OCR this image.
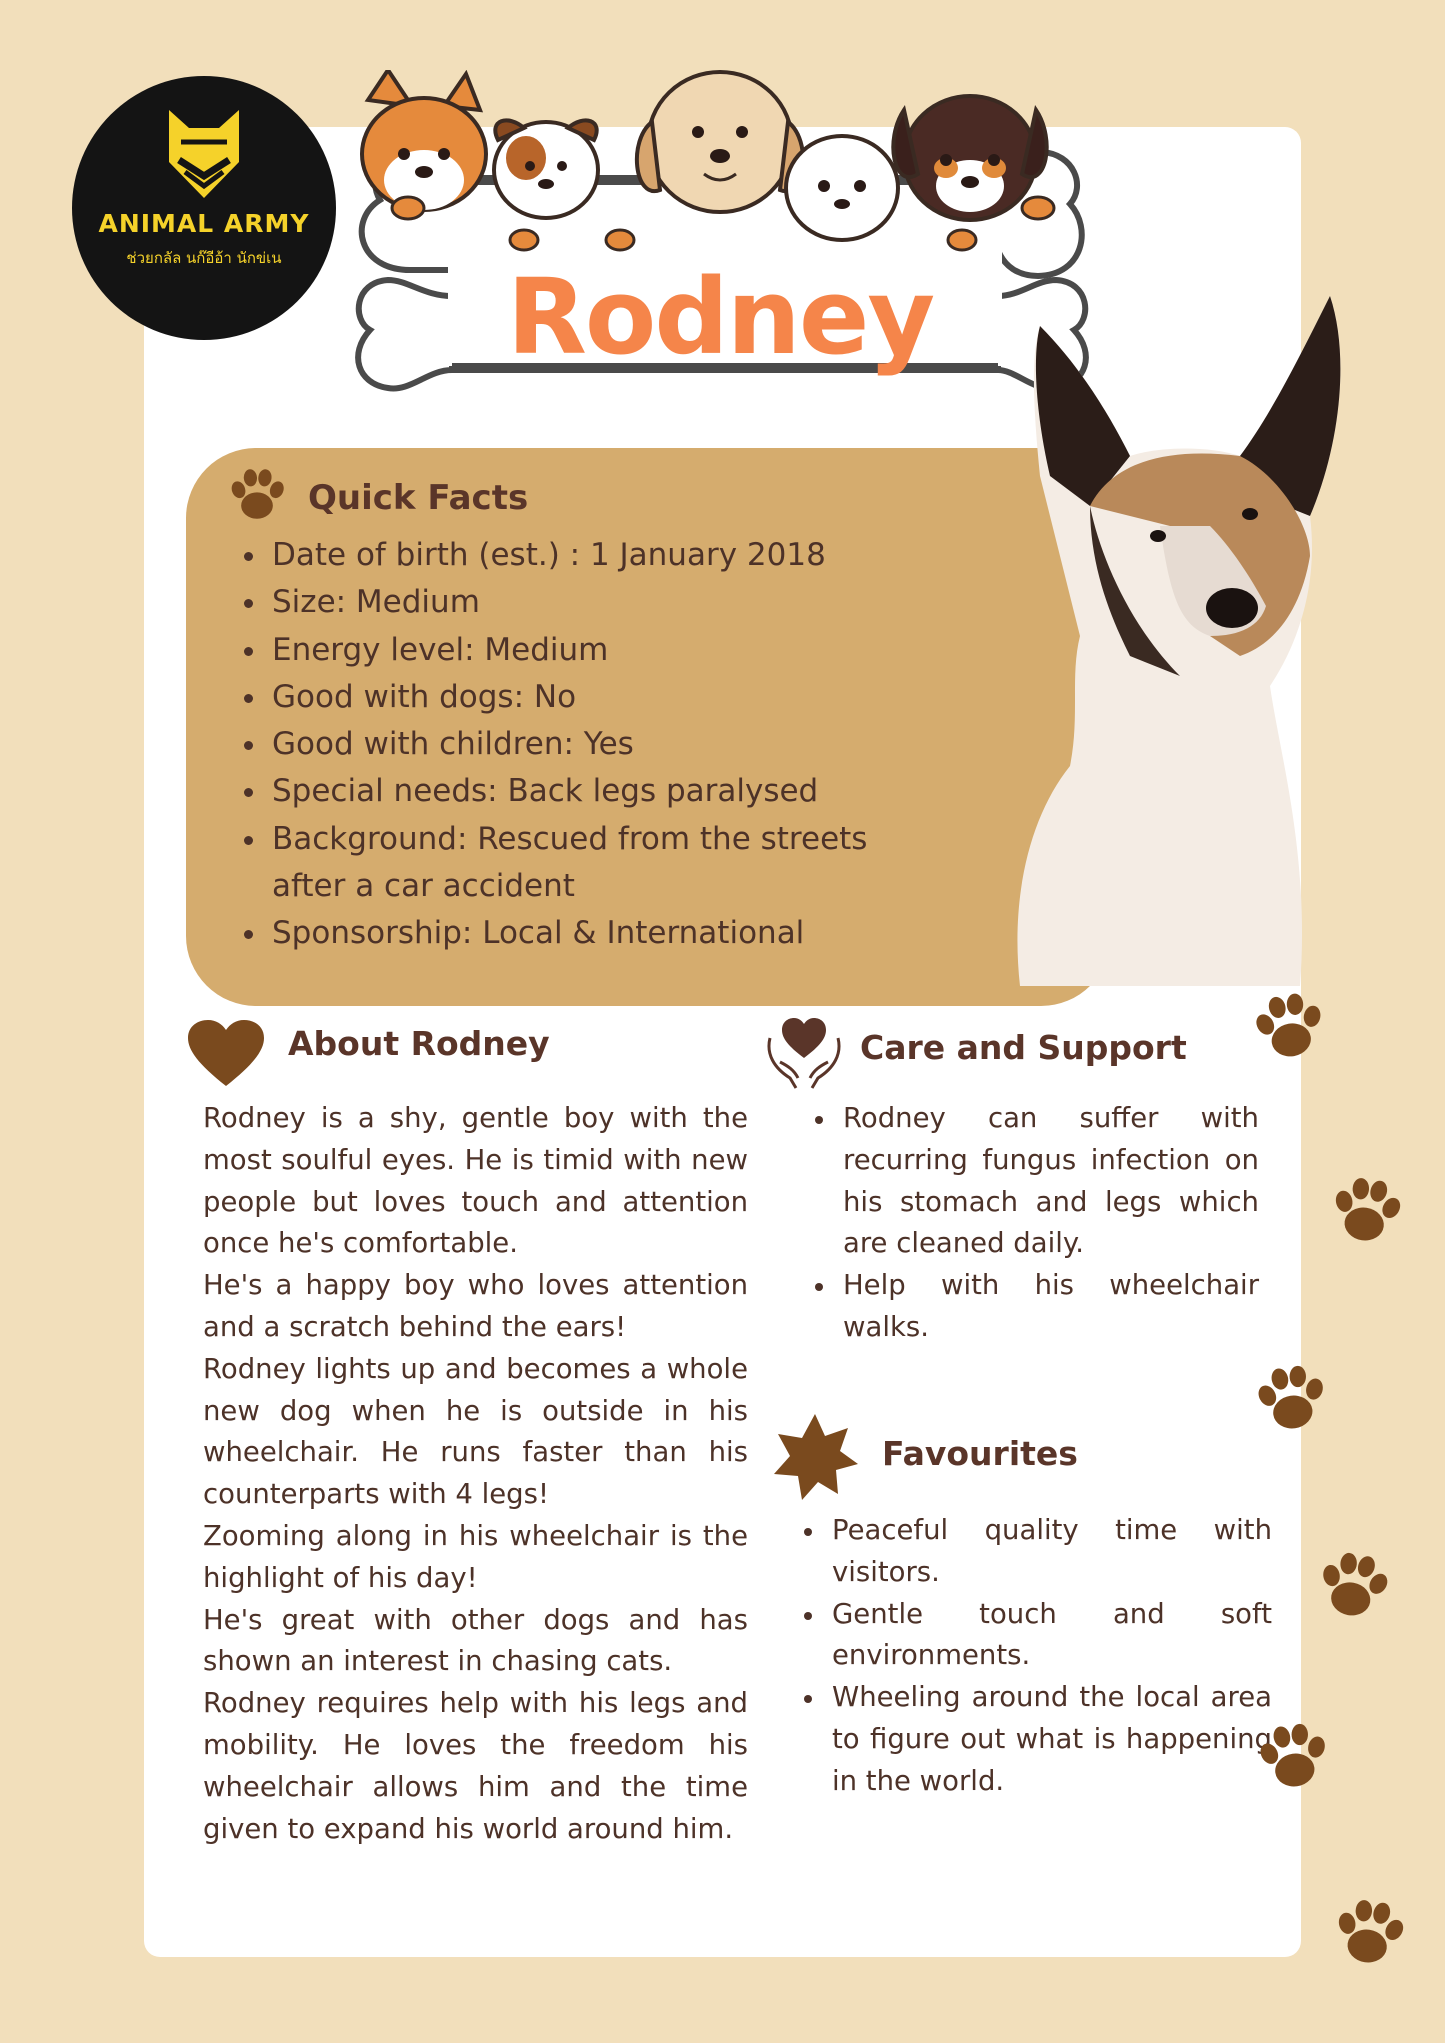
ANIMAL ARMY
ช่วยกลัล นก๊อีอ้า นักข่เน	Rodney
Quick Facts
Date of birth (est.) : 1 January 2018
Size: Medium
Energy level: Medium
Good with dogs: No
Good with children: Yes
Special needs: Back legs paralysed
Background: Rescued from the streets
after a car accident
Sponsorship: Local & International
About Rodney

Rodney is a shy, gentle boy with the most soulful eyes. He is timid with new people but loves touch and attention once he's comfortable.

He's a happy boy who loves attention and a scratch behind the ears!

Rodney lights up and becomes a whole new dog when he is outside in his wheelchair. He runs faster than his counterparts with 4 legs!

Zooming along in his wheelchair is the highlight of his day!

He's great with other dogs and has shown an interest in chasing cats.

Rodney requires help with his legs and mobility. He loves the freedom his wheelchair allows him and the time given to expand his world around him.

Care and Support
Rodney can suffer with recurring fungus infection on his stomach and legs which are cleaned daily.
Help with his wheelchair walks.
Favourites
Peaceful quality time with visitors.
Gentle touch and soft environments.
Wheeling around the local area to figure out what is happening in the world.
